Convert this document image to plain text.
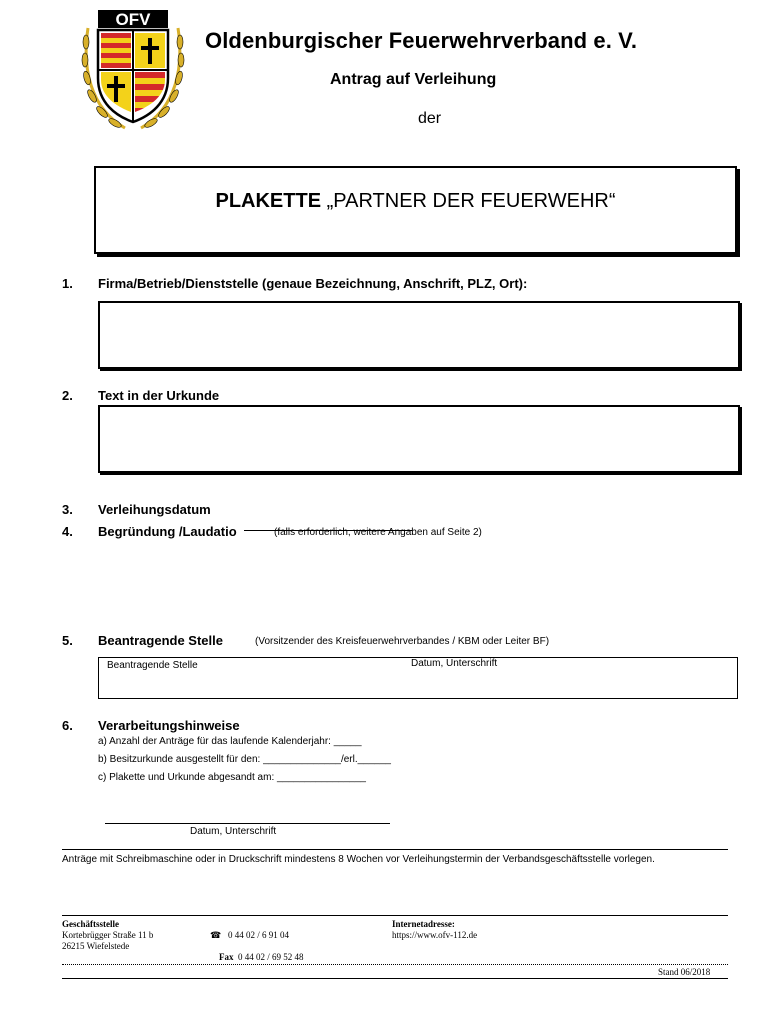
OFV
Oldenburgischer Feuerwehrverband e. V.
Antrag auf Verleihung
der
PLAKETTE „PARTNER DER FEUERWEHR“
1. Firma/Betrieb/Dienststelle (genaue Bezeichnung, Anschrift, PLZ, Ort):
2. Text in der Urkunde
3. Verleihungsdatum
4. Begründung /Laudatio	(falls erforderlich, weitere Angaben auf Seite 2)
5. Beantragende Stelle	(Vorsitzender des Kreisfeuerwehrverbandes / KBM oder Leiter BF)
Beantragende Stelle	Datum, Unterschrift
6. Verarbeitungshinweise
a) Anzahl der Anträge für das laufende Kalenderjahr: _____
b) Besitzurkunde ausgestellt für den: ______________/erl.______
c) Plakette und Urkunde abgesandt am: ________________
Datum, Unterschrift
Anträge mit Schreibmaschine oder in Druckschrift mindestens 8 Wochen vor Verleihungstermin der Verbandsgeschäftsstelle vorlegen.
Geschäftsstelle
Kortebrügger Straße 11 b
26215 Wiefelstede
☎ 0 44 02 / 6 91 04
Fax 0 44 02 / 69 52 48
Internetadresse:
https://www.ofv-112.de
Stand 06/2018
